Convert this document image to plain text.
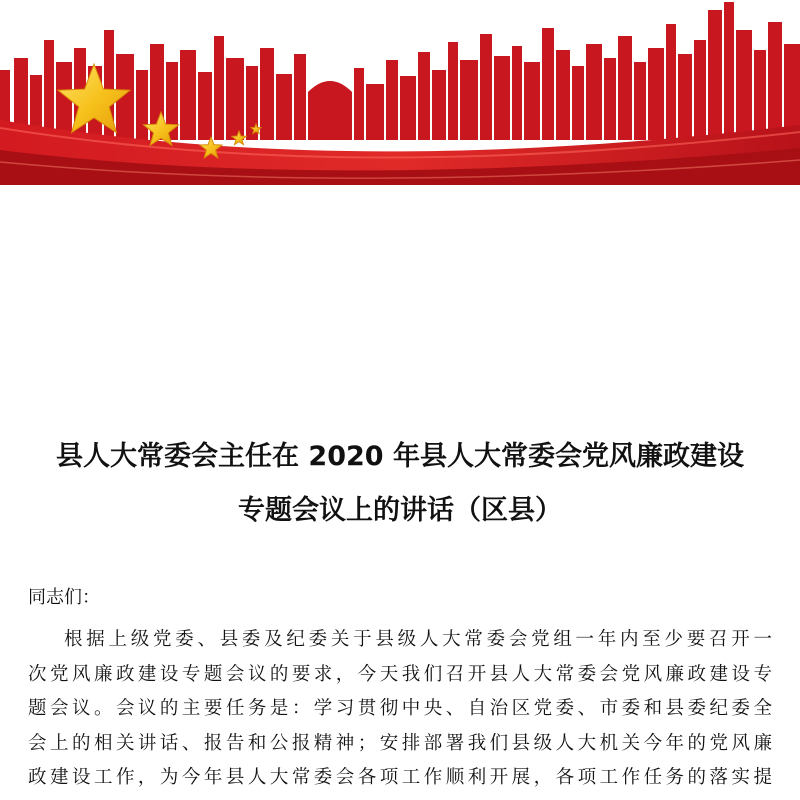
县人大常委会主任在 2020 年县人大常委会党风廉政建设
专题会议上的讲话（区县）

同志们：

根据上级党委、县委及纪委关于县级人大常委会党组一年内至少要召开一
次党风廉政建设专题会议的要求，今天我们召开县人大常委会党风廉政建设专
题会议。会议的主要任务是：学习贯彻中央、自治区党委、市委和县委纪委全
会上的相关讲话、报告和公报精神；安排部署我们县级人大机关今年的党风廉
政建设工作，为今年县人大常委会各项工作顺利开展，各项工作任务的落实提
